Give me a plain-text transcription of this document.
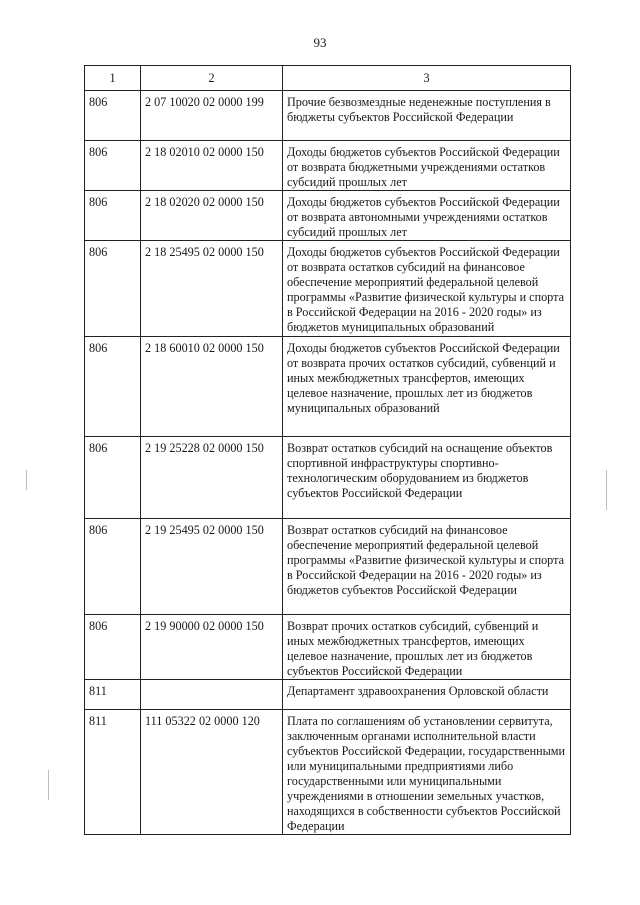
93
1	2	3
806	2 07 10020 02 0000 199	Прочие безвозмездные неденежные поступления в бюджеты субъектов Российской Федерации
806	2 18 02010 02 0000 150	Доходы бюджетов субъектов Российской Федерации от возврата бюджетными учреждениями остатков субсидий прошлых лет
806	2 18 02020 02 0000 150	Доходы бюджетов субъектов Российской Федерации от возврата автономными учреждениями остатков субсидий прошлых лет
806	2 18 25495 02 0000 150	Доходы бюджетов субъектов Российской Федерации от возврата остатков субсидий на финансовое обеспечение мероприятий федеральной целевой программы «Развитие физической культуры и спорта в Российской Федерации на 2016 - 2020 годы» из бюджетов муниципальных образований
806	2 18 60010 02 0000 150	Доходы бюджетов субъектов Российской Федерации от возврата прочих остатков субсидий, субвенций и иных межбюджетных трансфертов, имеющих целевое назначение, прошлых лет из бюджетов муниципальных образований
806	2 19 25228 02 0000 150	Возврат остатков субсидий на оснащение объектов спортивной инфраструктуры спортивно-технологическим оборудованием из бюджетов субъектов Российской Федерации
806	2 19 25495 02 0000 150	Возврат остатков субсидий на финансовое обеспечение мероприятий федеральной целевой программы «Развитие физической культуры и спорта в Российской Федерации на 2016 - 2020 годы» из бюджетов субъектов Российской Федерации
806	2 19 90000 02 0000 150	Возврат прочих остатков субсидий, субвенций и иных межбюджетных трансфертов, имеющих целевое назначение, прошлых лет из бюджетов субъектов Российской Федерации
811		Департамент здравоохранения Орловской области
811	111 05322 02 0000 120	Плата по соглашениям об установлении сервитута, заключенным органами исполнительной власти субъектов Российской Федерации, государственными или муниципальными предприятиями либо государственными или муниципальными учреждениями в отношении земельных участков, находящихся в собственности субъектов Российской Федерации
